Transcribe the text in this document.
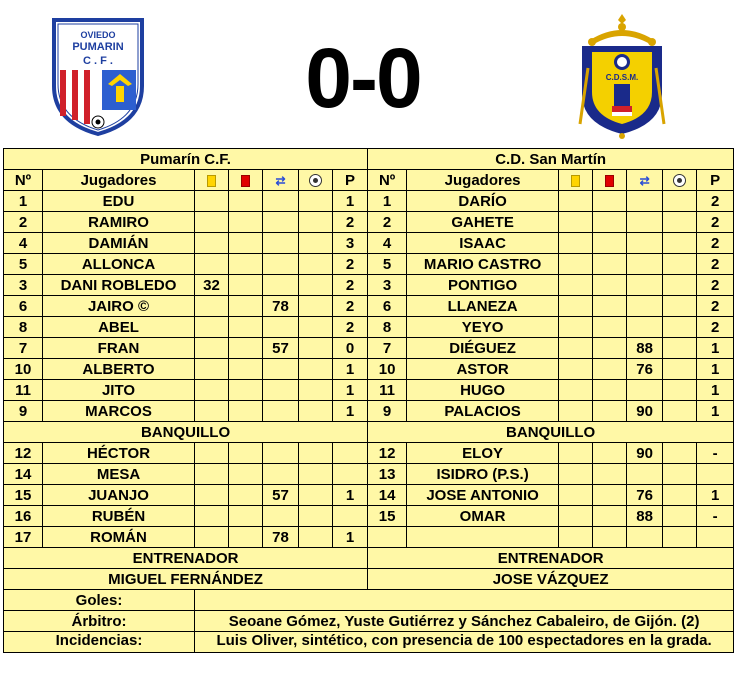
OVIEDO
PUMARIN
C . F . 0-0	C.D.S.M.
Pumarín C.F.							C.D. San Martín						
Nº	Jugadores			⇄		P	Nº	Jugadores			⇄		P
1	EDU					1	1	DARÍO					2
2	RAMIRO					2	2	GAHETE					2
4	DAMIÁN					3	4	ISAAC					2
5	ALLONCA					2	5	MARIO CASTRO					2
3	DANI ROBLEDO	32				2	3	PONTIGO					2
6	JAIRO ©			78		2	6	LLANEZA					2
8	ABEL					2	8	YEYO					2
7	FRAN			57		0	7	DIÉGUEZ			88		1
10	ALBERTO					1	10	ASTOR			76		1
11	JITO					1	11	HUGO					1
9	MARCOS					1	9	PALACIOS			90		1
BANQUILLO							BANQUILLO						
12	HÉCTOR						12	ELOY			90		-
14	MESA						13	ISIDRO (P.S.)					
15	JUANJO			57		1	14	JOSE ANTONIO			76		1
16	RUBÉN						15	OMAR			88		-
17	ROMÁN			78		1							
ENTRENADOR							ENTRENADOR						
MIGUEL FERNÁNDEZ							JOSE VÁZQUEZ						
Goles:													
Árbitro:		Seoane Gómez, Yuste Gutiérrez y Sánchez Cabaleiro, de Gijón. (2)											
Incidencias:		Luis Oliver, sintético, con presencia de 100 espectadores en la grada.											
